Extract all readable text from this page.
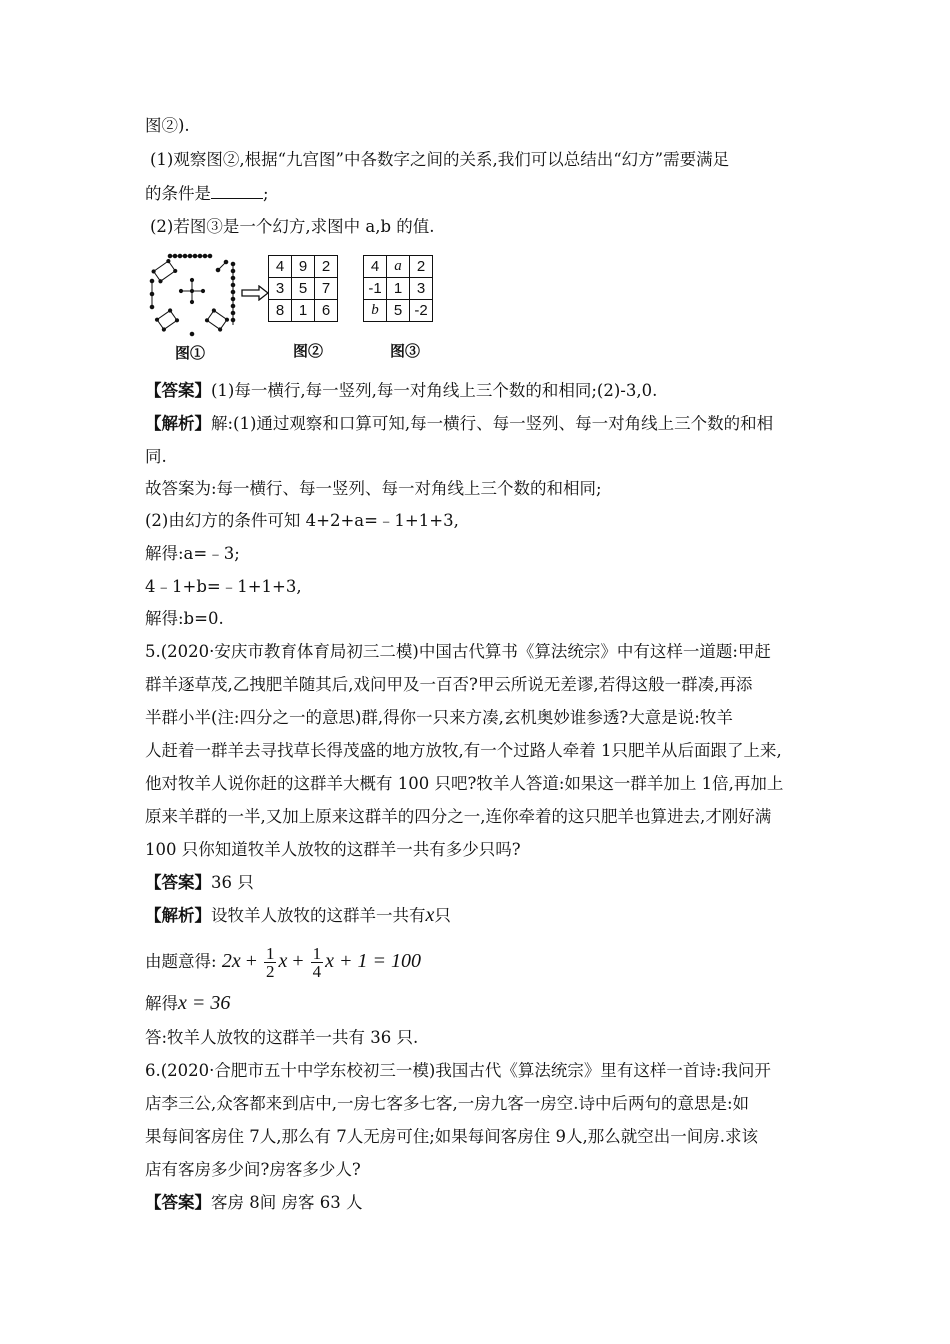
图②).
(1)观察图②,根据“九宫图”中各数字之间的关系,我们可以总结出“幻方”需要满足
的条件是	;
(2)若图③是一个幻方,求图中 a,b 的值.
4	9	2
3	5	7
8	1	6
4	a	2
-1	1	3
b	5	-2
图①	图②	图③
【答案】(1)每一横行,每一竖列,每一对角线上三个数的和相同;(2)-3,0.
【解析】解:(1)通过观察和口算可知,每一横行、每一竖列、每一对角线上三个数的和相
同.
故答案为:每一横行、每一竖列、每一对角线上三个数的和相同;
(2)由幻方的条件可知 4+2+a=﹣1+1+3,
解得:a=﹣3;
4﹣1+b=﹣1+1+3,
解得:b=0.
5.(2020·安庆市教育体育局初三二模)中国古代算书《算法统宗》中有这样一道题:甲赶
群羊逐草茂,乙拽肥羊随其后,戏问甲及一百否?甲云所说无差谬,若得这般一群凑,再添
半群小半(注:四分之一的意思)群,得你一只来方凑,玄机奥妙谁参透?大意是说:牧羊
人赶着一群羊去寻找草长得茂盛的地方放牧,有一个过路人牵着 1只肥羊从后面跟了上来,
他对牧羊人说你赶的这群羊大概有 100 只吧?牧羊人答道:如果这一群羊加上 1倍,再加上
原来羊群的一半,又加上原来这群羊的四分之一,连你牵着的这只肥羊也算进去,才刚好满
100 只你知道牧羊人放牧的这群羊一共有多少只吗?
【答案】36 只
【解析】设牧羊人放牧的这群羊一共有x只
由题意得: $2x + \frac{1}{2}$ $x + \frac{1}{4}$ x + 1 = 100
解得x = 36
答:牧羊人放牧的这群羊一共有 36 只.
6.(2020·合肥市五十中学东校初三一模)我国古代《算法统宗》里有这样一首诗:我问开
店李三公,众客都来到店中,一房七客多七客,一房九客一房空.诗中后两句的意思是:如
果每间客房住 7人,那么有 7人无房可住;如果每间客房住 9人,那么就空出一间房.求该
店有客房多少间?房客多少人?
【答案】客房 8间 房客 63 人
